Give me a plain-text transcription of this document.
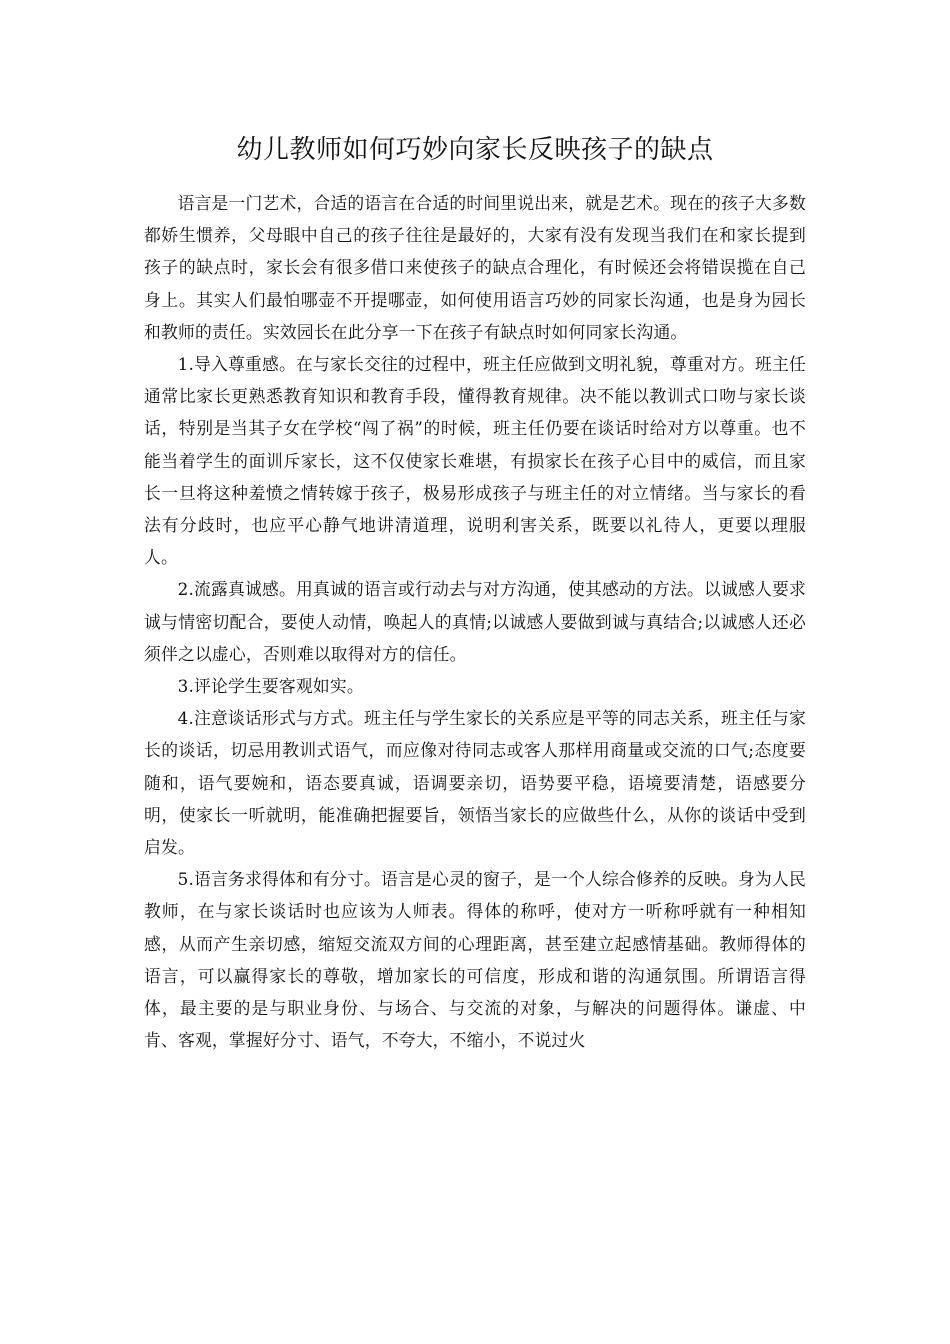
幼儿教师如何巧妙向家长反映孩子的缺点

语言是一门艺术，合适的语言在合适的时间里说出来，就是艺术。现在的孩子大多数都娇生惯养，父母眼中自己的孩子往往是最好的，大家有没有发现当我们在和家长提到孩子的缺点时，家长会有很多借口来使孩子的缺点合理化，有时候还会将错误揽在自己身上。其实人们最怕哪壶不开提哪壶，如何使用语言巧妙的同家长沟通，也是身为园长和教师的责任。实效园长在此分享一下在孩子有缺点时如何同家长沟通。

1.导入尊重感。在与家长交往的过程中，班主任应做到文明礼貌，尊重对方。班主任通常比家长更熟悉教育知识和教育手段，懂得教育规律。决不能以教训式口吻与家长谈话，特别是当其子女在学校“闯了祸”的时候，班主任仍要在谈话时给对方以尊重。也不能当着学生的面训斥家长，这不仅使家长难堪，有损家长在孩子心目中的威信，而且家长一旦将这种羞愤之情转嫁于孩子，极易形成孩子与班主任的对立情绪。当与家长的看法有分歧时，也应平心静气地讲清道理，说明利害关系，既要以礼待人，更要以理服人。

2.流露真诚感。用真诚的语言或行动去与对方沟通，使其感动的方法。以诚感人要求诚与情密切配合，要使人动情，唤起人的真情;以诚感人要做到诚与真结合;以诚感人还必须伴之以虚心，否则难以取得对方的信任。

3.评论学生要客观如实。

4.注意谈话形式与方式。班主任与学生家长的关系应是平等的同志关系，班主任与家长的谈话，切忌用教训式语气，而应像对待同志或客人那样用商量或交流的口气;态度要随和，语气要婉和，语态要真诚，语调要亲切，语势要平稳，语境要清楚，语感要分明，使家长一听就明，能准确把握要旨，领悟当家长的应做些什么，从你的谈话中受到启发。

5.语言务求得体和有分寸。语言是心灵的窗子，是一个人综合修养的反映。身为人民教师，在与家长谈话时也应该为人师表。得体的称呼，使对方一听称呼就有一种相知感，从而产生亲切感，缩短交流双方间的心理距离，甚至建立起感情基础。教师得体的语言，可以赢得家长的尊敬，增加家长的可信度，形成和谐的沟通氛围。所谓语言得体，最主要的是与职业身份、与场合、与交流的对象，与解决的问题得体。谦虚、中肯、客观，掌握好分寸、语气，不夸大，不缩小，不说过火
